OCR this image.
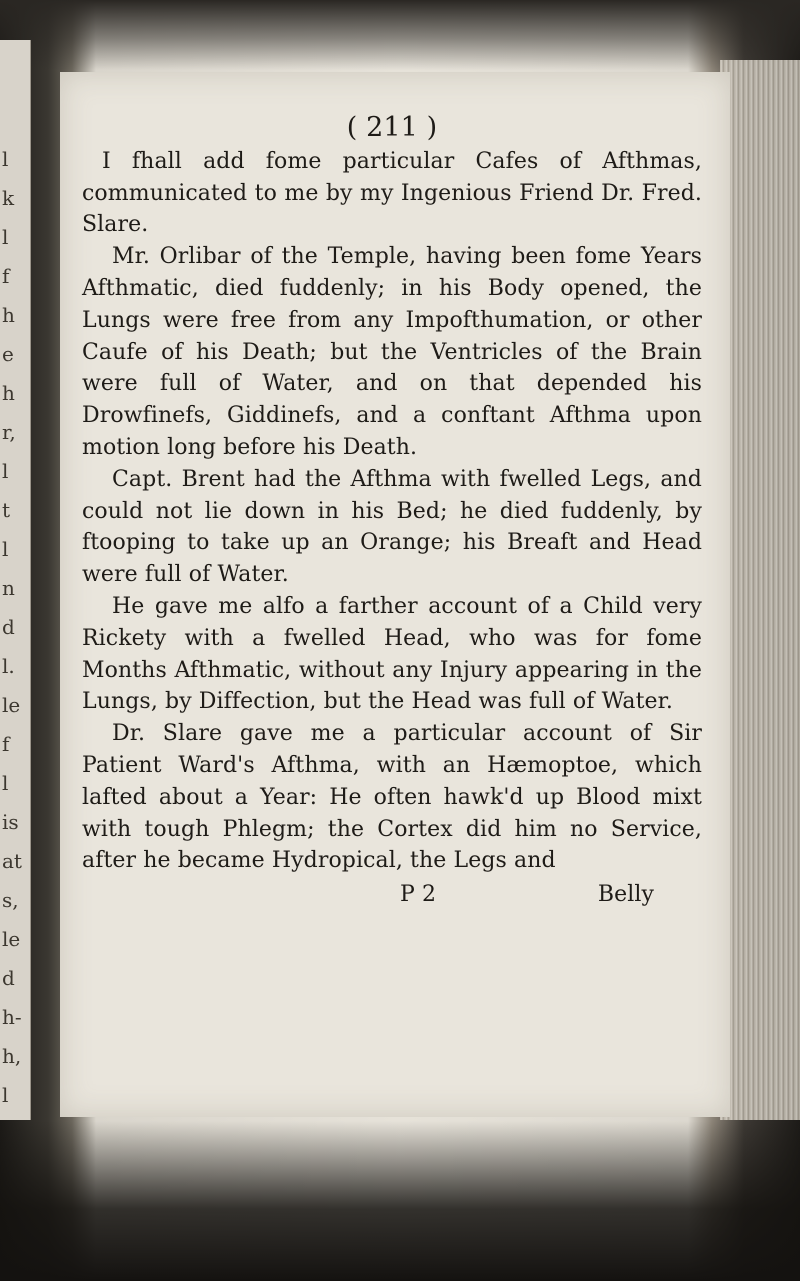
l
k
l
f
h
e
h
r,
l
t
l
n
d
l.
le
f
l
is
at
s,
le
d
h-
h,
l
( 211 )

I fhall add fome particular Cafes of Afthmas, communicated to me by my Ingenious Friend Dr. Fred. Slare.

Mr. Orlibar of the Temple, having been fome Years Afthmatic, died fuddenly; in his Body opened, the Lungs were free from any Impofthumation, or other Caufe of his Death; but the Ventricles of the Brain were full of Water, and on that depended his Drowfinefs, Giddinefs, and a conftant Afthma upon motion long before his Death.

Capt. Brent had the Afthma with fwelled Legs, and could not lie down in his Bed; he died fuddenly, by ftooping to take up an Orange; his Breaft and Head were full of Water.

He gave me alfo a farther account of a Child very Rickety with a fwelled Head, who was for fome Months Afthmatic, without any Injury appearing in the Lungs, by Diffection, but the Head was full of Water.

Dr. Slare gave me a particular account of Sir Patient Ward's Afthma, with an Hæmoptoe, which lafted about a Year: He often hawk'd up Blood mixt with tough Phlegm; the Cortex did him no Service, after he became Hydropical, the Legs and

P 2	Belly
